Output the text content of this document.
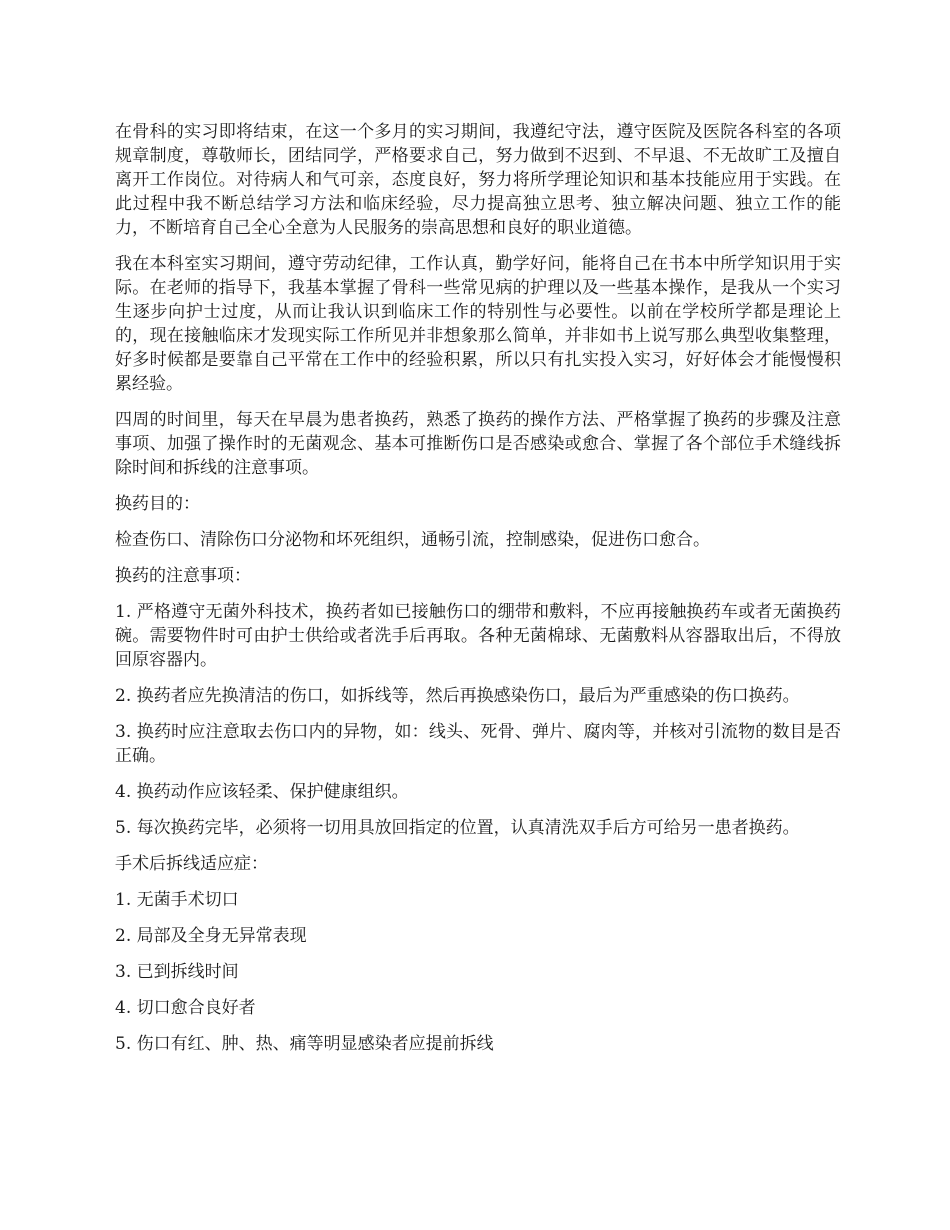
在骨科的实习即将结束，在这一个多月的实习期间，我遵纪守法，遵守医院及医院各科室的各项规章制度，尊敬师长，团结同学，严格要求自己，努力做到不迟到、不早退、不无故旷工及擅自离开工作岗位。对待病人和气可亲，态度良好，努力将所学理论知识和基本技能应用于实践。在此过程中我不断总结学习方法和临床经验，尽力提高独立思考、独立解决问题、独立工作的能力，不断培育自己全心全意为人民服务的崇高思想和良好的职业道德。

我在本科室实习期间，遵守劳动纪律，工作认真，勤学好问，能将自己在书本中所学知识用于实际。在老师的指导下，我基本掌握了骨科一些常见病的护理以及一些基本操作，是我从一个实习生逐步向护士过度，从而让我认识到临床工作的特别性与必要性。以前在学校所学都是理论上的，现在接触临床才发现实际工作所见并非想象那么简单，并非如书上说写那么典型收集整理，好多时候都是要靠自己平常在工作中的经验积累，所以只有扎实投入实习，好好体会才能慢慢积累经验。

四周的时间里，每天在早晨为患者换药，熟悉了换药的操作方法、严格掌握了换药的步骤及注意事项、加强了操作时的无菌观念、基本可推断伤口是否感染或愈合、掌握了各个部位手术缝线拆除时间和拆线的注意事项。

换药目的：

检查伤口、清除伤口分泌物和坏死组织，通畅引流，控制感染，促进伤口愈合。

换药的注意事项：

1. 严格遵守无菌外科技术，换药者如已接触伤口的绷带和敷料，不应再接触换药车或者无菌换药碗。需要物件时可由护士供给或者洗手后再取。各种无菌棉球、无菌敷料从容器取出后，不得放回原容器内。

2. 换药者应先换清洁的伤口，如拆线等，然后再换感染伤口，最后为严重感染的伤口换药。

3. 换药时应注意取去伤口内的异物，如：线头、死骨、弹片、腐肉等，并核对引流物的数目是否正确。

4. 换药动作应该轻柔、保护健康组织。

5. 每次换药完毕，必须将一切用具放回指定的位置，认真清洗双手后方可给另一患者换药。

手术后拆线适应症：

1. 无菌手术切口

2. 局部及全身无异常表现

3. 已到拆线时间

4. 切口愈合良好者

5. 伤口有红、肿、热、痛等明显感染者应提前拆线
